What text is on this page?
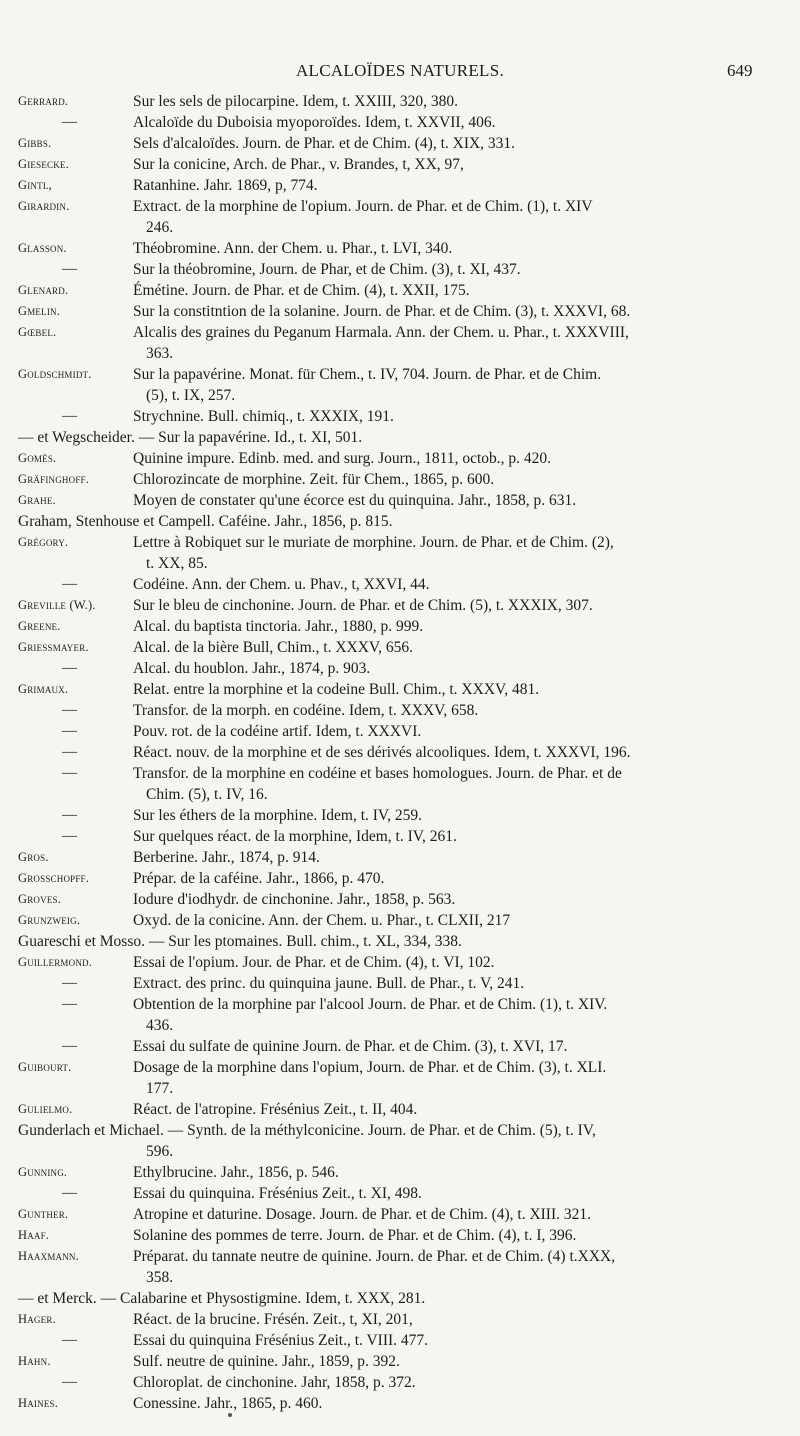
ALCALOÏDES NATURELS.	649
Gerrard.	Sur les sels de pilocarpine. Idem, t. XXIII, 320, 380.
—	Alcaloïde du Duboisia myoporoïdes. Idem, t. XXVII, 406.
Gibbs.	Sels d'alcaloïdes. Journ. de Phar. et de Chim. (4), t. XIX, 331.
Giesecke.	Sur la conicine, Arch. de Phar., v. Brandes, t, XX, 97,
Gintl,	Ratanhine. Jahr. 1869, p, 774.
Girardin.	Extract. de la morphine de l'opium. Journ. de Phar. et de Chim. (1), t. XIV
246.
Glasson.	Théobromine. Ann. der Chem. u. Phar., t. LVI, 340.
—	Sur la théobromine, Journ. de Phar, et de Chim. (3), t. XI, 437.
Glenard.	Émétine. Journ. de Phar. et de Chim. (4), t. XXII, 175.
Gmelin.	Sur la constitntion de la solanine. Journ. de Phar. et de Chim. (3), t. XXXVI, 68.
Gœbel.	Alcalis des graines du Peganum Harmala. Ann. der Chem. u. Phar., t. XXXVIII,
363.
Goldschmidt.	Sur la papavérine. Monat. für Chem., t. IV, 704. Journ. de Phar. et de Chim.
(5), t. IX, 257.
—	Strychnine. Bull. chimiq., t. XXXIX, 191.
— et Wegscheider. — Sur la papavérine. Id., t. XI, 501.
Gomès.	Quinine impure. Edinb. med. and surg. Journ., 1811, octob., p. 420.
Gräfinghoff.	Chlorozincate de morphine. Zeit. für Chem., 1865, p. 600.
Grahe.	Moyen de constater qu'une écorce est du quinquina. Jahr., 1858, p. 631.
Graham, Stenhouse et Campell. Caféine. Jahr., 1856, p. 815.
Grégory.	Lettre à Robiquet sur le muriate de morphine. Journ. de Phar. et de Chim. (2),
t. XX, 85.
—	Codéine. Ann. der Chem. u. Phav., t, XXVI, 44.
Greville (W.). Sur le bleu de cinchonine. Journ. de Phar. et de Chim. (5), t. XXXIX, 307.
Greene.	Alcal. du baptista tinctoria. Jahr., 1880, p. 999.
Griessmayer.	Alcal. de la bière Bull, Chim., t. XXXV, 656.
—	Alcal. du houblon. Jahr., 1874, p. 903.
Grimaux.	Relat. entre la morphine et la codeine Bull. Chim., t. XXXV, 481.
—	Transfor. de la morph. en codéine. Idem, t. XXXV, 658.
—	Pouv. rot. de la codéine artif. Idem, t. XXXVI.
—	Réact. nouv. de la morphine et de ses dérivés alcooliques. Idem, t. XXXVI, 196.
—	Transfor. de la morphine en codéine et bases homologues. Journ. de Phar. et de
Chim. (5), t. IV, 16.
—	Sur les éthers de la morphine. Idem, t. IV, 259.
—	Sur quelques réact. de la morphine, Idem, t. IV, 261.
Gros.	Berberine. Jahr., 1874, p. 914.
Grosschopff.	Prépar. de la caféine. Jahr., 1866, p. 470.
Groves.	Iodure d'iodhydr. de cinchonine. Jahr., 1858, p. 563.
Grunzweig.	Oxyd. de la conicine. Ann. der Chem. u. Phar., t. CLXII, 217
Guareschi et Mosso. — Sur les ptomaines. Bull. chim., t. XL, 334, 338.
Guillermond.	Essai de l'opium. Jour. de Phar. et de Chim. (4), t. VI, 102.
—	Extract. des princ. du quinquina jaune. Bull. de Phar., t. V, 241.
—	Obtention de la morphine par l'alcool Journ. de Phar. et de Chim. (1), t. XIV.
436.
—	Essai du sulfate de quinine Journ. de Phar. et de Chim. (3), t. XVI, 17.
Guibourt.	Dosage de la morphine dans l'opium, Journ. de Phar. et de Chim. (3), t. XLI.
177.
Gulielmo.	Réact. de l'atropine. Frésénius Zeit., t. II, 404.
Gunderlach et Michael. — Synth. de la méthylconicine. Journ. de Phar. et de Chim. (5), t. IV,
596.
Gunning.	Ethylbrucine. Jahr., 1856, p. 546.
—	Essai du quinquina. Frésénius Zeit., t. XI, 498.
Gunther.	Atropine et daturine. Dosage. Journ. de Phar. et de Chim. (4), t. XIII. 321.
Haaf.	Solanine des pommes de terre. Journ. de Phar. et de Chim. (4), t. I, 396.
Haaxmann.	Préparat. du tannate neutre de quinine. Journ. de Phar. et de Chim. (4) t.XXX,
358.
— et Merck. — Calabarine et Physostigmine. Idem, t. XXX, 281.
Hager.	Réact. de la brucine. Frésén. Zeit., t, XI, 201,
—	Essai du quinquina Frésénius Zeit., t. VIII. 477.
Hahn.	Sulf. neutre de quinine. Jahr., 1859, p. 392.
—	Chloroplat. de cinchonine. Jahr, 1858, p. 372.
Haines.	Conessine. Jahr., 1865, p. 460.
